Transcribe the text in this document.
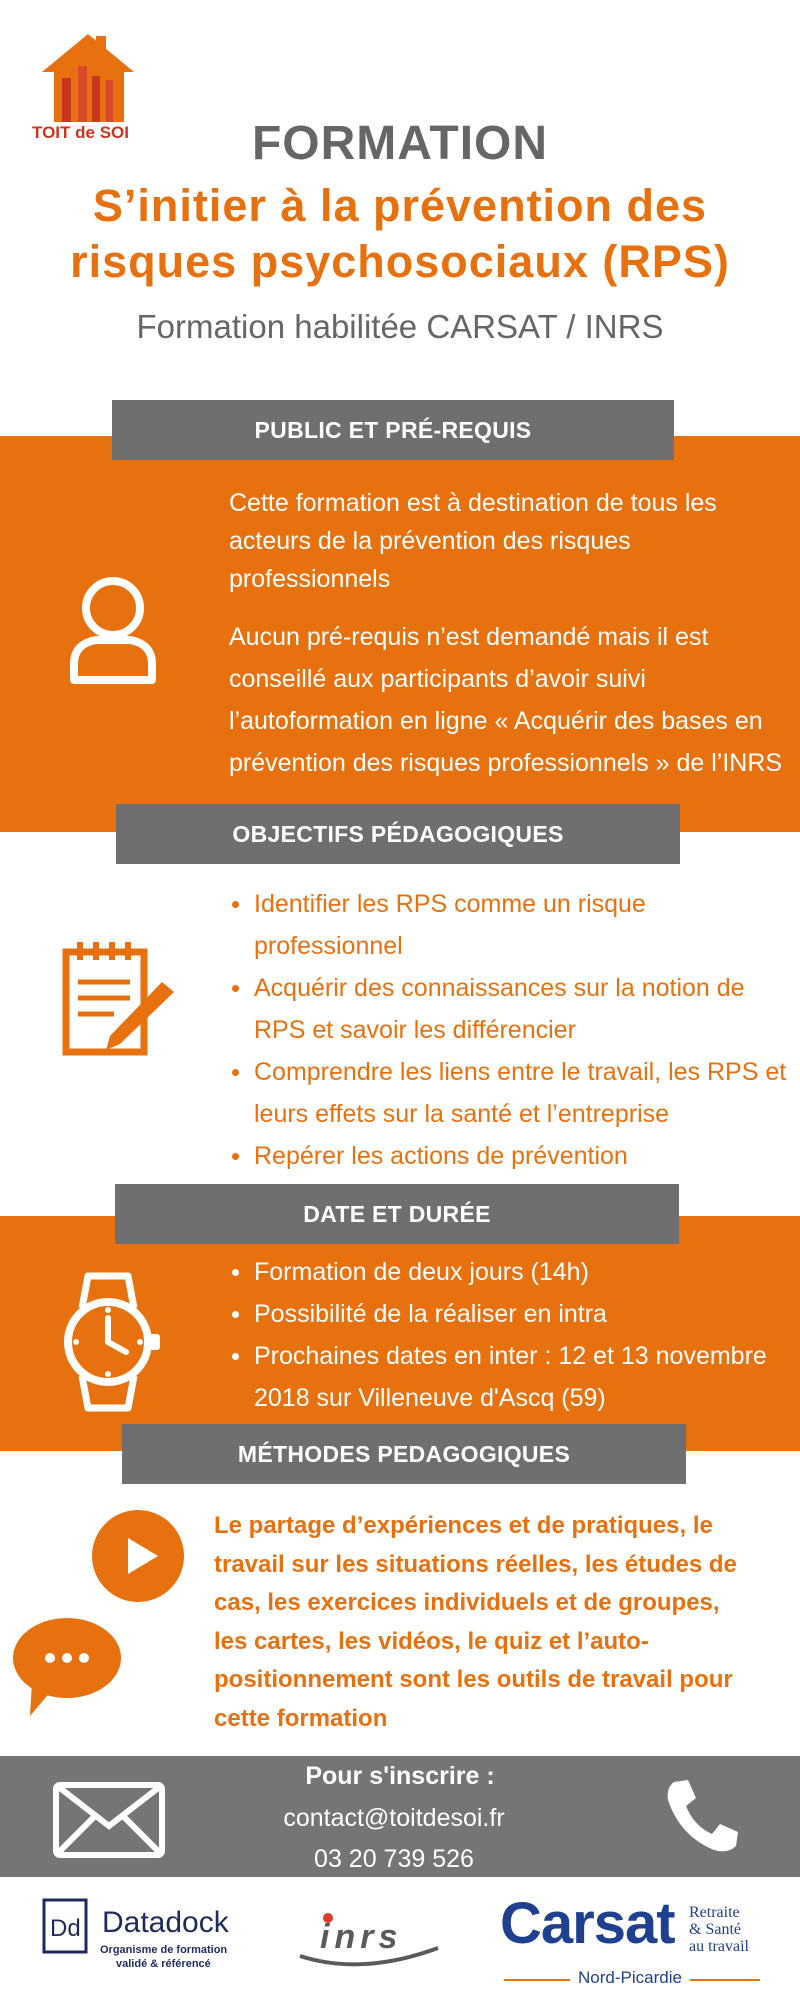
TOIT de SOI	FORMATION
S’initier à la prévention des
risques psychosociaux (RPS)
Formation habilitée CARSAT / INRS
PUBLIC ET PRÉ-REQUIS
Cette formation est à destination de tous les acteurs de la prévention des risques professionnels
Aucun pré-requis n’est demandé mais il est conseillé aux participants d’avoir suivi l’autoformation en ligne « Acquérir des bases en prévention des risques professionnels » de l’INRS
OBJECTIFS PÉDAGOGIQUES
Identifier les RPS comme un risque professionnel
Acquérir des connaissances sur la notion de RPS et savoir les différencier
Comprendre les liens entre le travail, les RPS et leurs effets sur la santé et l’entreprise
Repérer les actions de prévention
DATE ET DURÉE
Formation de deux jours (14h)
Possibilité de la réaliser en intra
Prochaines dates en inter : 12 et 13 novembre 2018 sur Villeneuve d'Ascq (59)
MÉTHODES PEDAGOGIQUES
Le partage d’expériences et de pratiques, le travail sur les situations réelles, les études de cas, les exercices individuels et de groupes, les cartes, les vidéos, le quiz et l’auto-positionnement sont les outils de travail pour cette formation
Pour s'inscrire :
contact@toitdesoi.fr
03 20 739 526
Dd Datadock
Organisme de formation
validé & référencé
inrs Carsat Retraite
& Santé
au travail
Nord-Picardie
